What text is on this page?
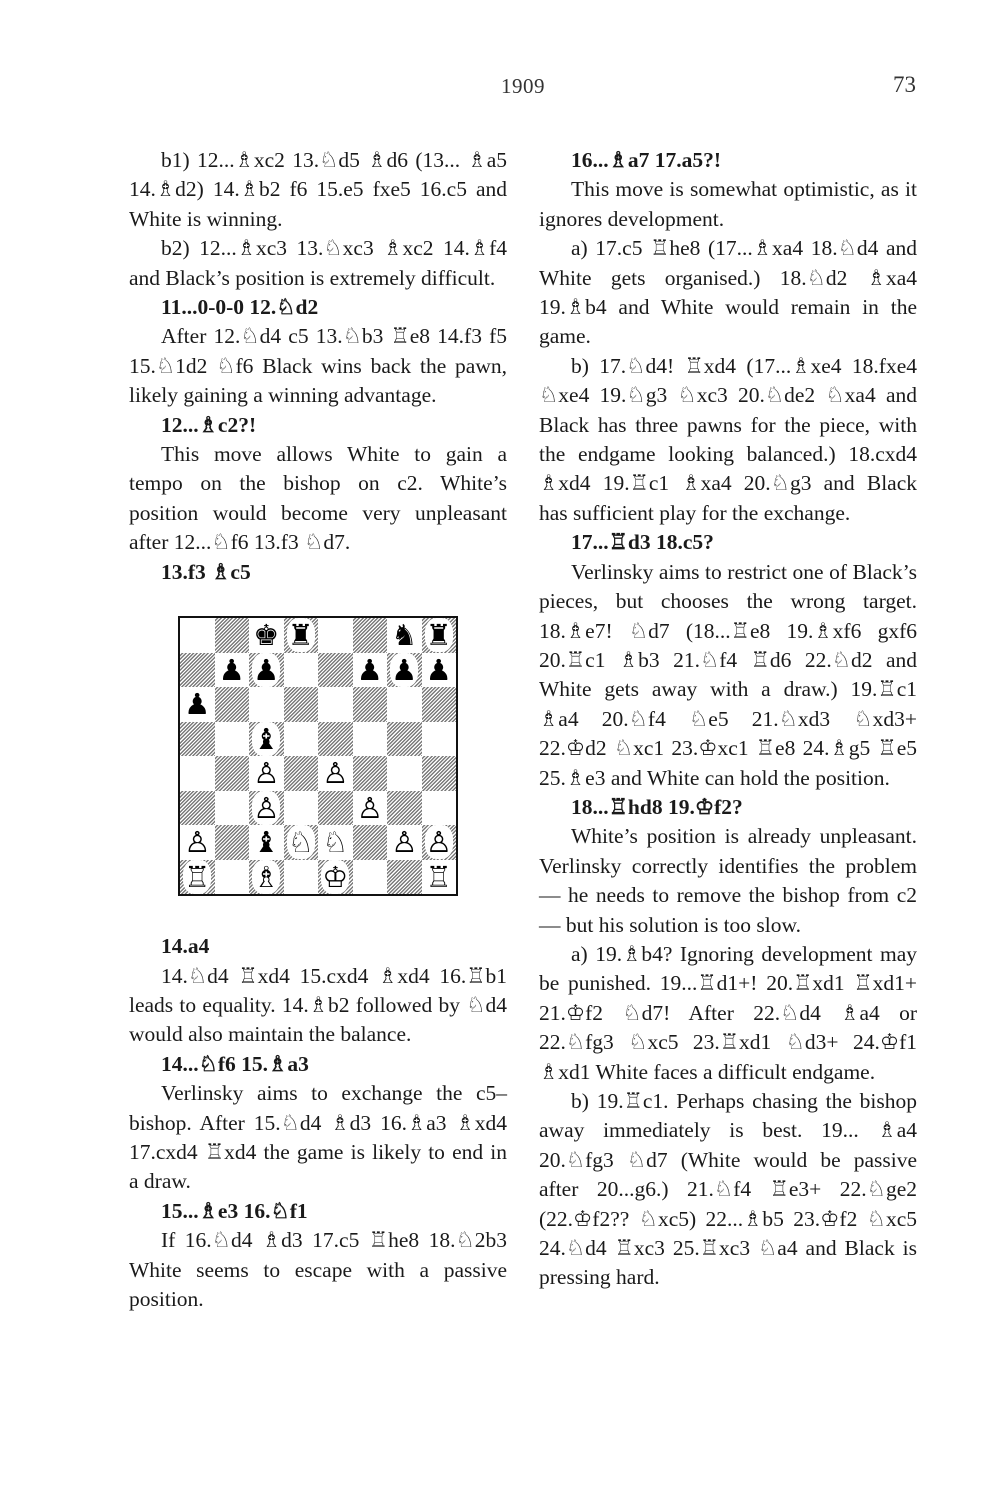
1909	73

b1) 12...♗xc2 13.♘d5 ♗d6 (13... ♗a5 14.♗d2) 14.♗b2 f6 15.e5 fxe5 16.c5 and White is winning.

b2) 12...♗xc3 13.♘xc3 ♗xc2 14.♗f4 and Black’s position is extremely difficult.

11...0-0-0 12.♘d2

After 12.♘d4 c5 13.♘b3 ♖e8 14.f3 f5 15.♘1d2 ♘f6 Black wins back the pawn, likely gaining a winning advantage.

12...♗c2?!

This move allows White to gain a tempo on the bishop on c2. White’s position would become very unpleasant after 12...♘f6 13.f3 ♘d7.

13.f3 ♗c5

♚ ♜	♞ ♜
♟ ♟	♟ ♟ ♟
♟
♝
♙ ♙
♙	♙
♙ ♝ ♘ ♘ ♙ ♙
♖ ♗ ♔	♖

14.a4

14.♘d4 ♖xd4 15.cxd4 ♗xd4 16.♖b1 leads to equality. 14.♗b2 followed by ♘d4 would also maintain the balance.

14...♘f6 15.♗a3

Verlinsky aims to exchange the c5–bishop. After 15.♘d4 ♗d3 16.♗a3 ♗xd4 17.cxd4 ♖xd4 the game is likely to end in a draw.

15...♗e3 16.♘f1

If 16.♘d4 ♗d3 17.c5 ♖he8 18.♘2b3 White seems to escape with a passive position.

16...♗a7 17.a5?!

This move is somewhat optimistic, as it ignores development.

a) 17.c5 ♖he8 (17...♗xa4 18.♘d4 and White gets organised.) 18.♘d2 ♗xa4 19.♗b4 and White would remain in the game.

b) 17.♘d4! ♖xd4 (17...♗xe4 18.fxe4 ♘xe4 19.♘g3 ♘xc3 20.♘de2 ♘xa4 and Black has three pawns for the piece, with the endgame looking balanced.) 18.cxd4 ♗xd4 19.♖c1 ♗xa4 20.♘g3 and Black has sufficient play for the exchange.

17...♖d3 18.c5?

Verlinsky aims to restrict one of Black’s pieces, but chooses the wrong target. 18.♗e7! ♘d7 (18...♖e8 19.♗xf6 gxf6 20.♖c1 ♗b3 21.♘f4 ♖d6 22.♘d2 and White gets away with a draw.) 19.♖c1 ♗a4 20.♘f4 ♘e5 21.♘xd3 ♘xd3+ 22.♔d2 ♘xc1 23.♔xc1 ♖e8 24.♗g5 ♖e5 25.♗e3 and White can hold the position.

18...♖hd8 19.♔f2?

White’s position is already unpleasant. Verlinsky correctly identifies the problem — he needs to remove the bishop from c2 — but his solution is too slow.

a) 19.♗b4? Ignoring development may be punished. 19...♖d1+! 20.♖xd1 ♖xd1+ 21.♔f2 ♘d7! After 22.♘d4 ♗a4 or 22.♘fg3 ♘xc5 23.♖xd1 ♘d3+ 24.♔f1 ♗xd1 White faces a difficult endgame.

b) 19.♖c1. Perhaps chasing the bishop away immediately is best. 19... ♗a4 20.♘fg3 ♘d7 (White would be passive after 20...g6.) 21.♘f4 ♖e3+ 22.♘ge2 (22.♔f2?? ♘xc5) 22...♗b5 23.♔f2 ♘xc5 24.♘d4 ♖xc3 25.♖xc3 ♘a4 and Black is pressing hard.
